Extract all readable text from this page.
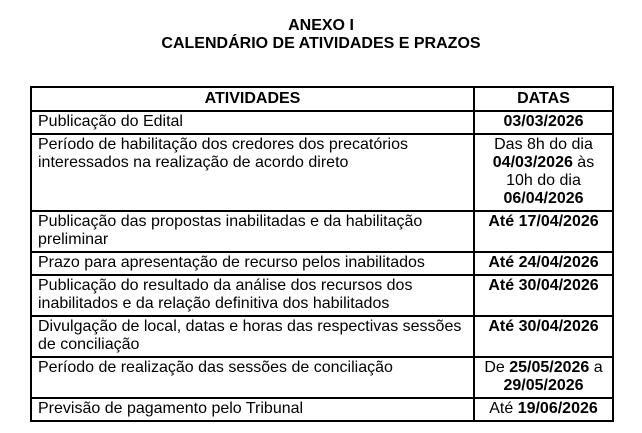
ANEXO I
CALENDÁRIO DE ATIVIDADES E PRAZOS
ATIVIDADES	DATAS
Publicação do Edital	03/03/2026
Período de habilitação dos credores dos precatórios
interessados na realização de acordo direto	Das 8h do dia
04/03/2026 às
10h do dia
06/04/2026
Publicação das propostas inabilitadas e da habilitação
preliminar	Até 17/04/2026
Prazo para apresentação de recurso pelos inabilitados	Até 24/04/2026
Publicação do resultado da análise dos recursos dos
inabilitados e da relação definitiva dos habilitados	Até 30/04/2026
Divulgação de local, datas e horas das respectivas sessões
de conciliação	Até 30/04/2026
Período de realização das sessões de conciliação	De 25/05/2026 a
29/05/2026
Previsão de pagamento pelo Tribunal	Até 19/06/2026
